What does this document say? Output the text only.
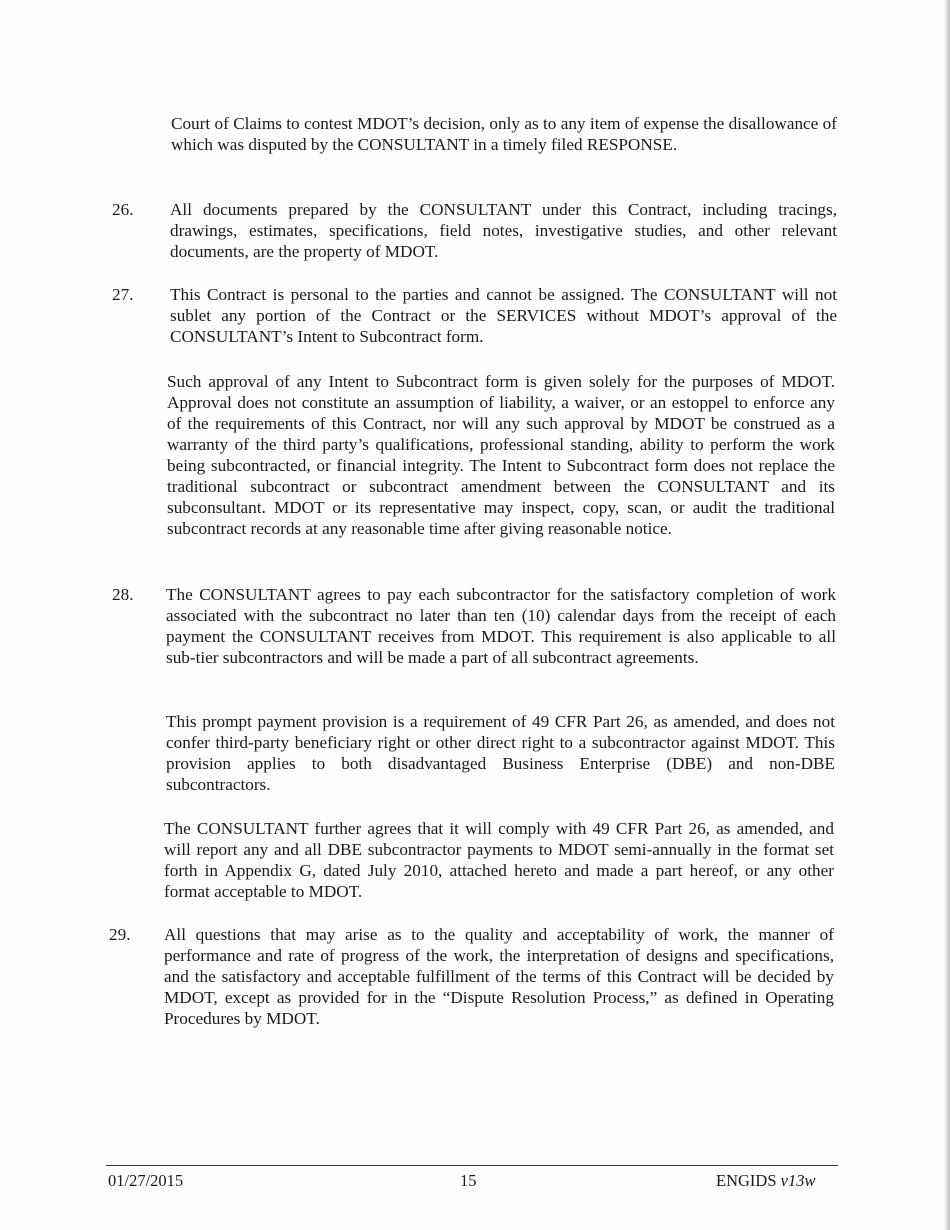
Court of Claims to contest MDOT’s decision, only as to any item of expense the disallowance of which was disputed by the CONSULTANT in a timely filed RESPONSE.

26. All documents prepared by the CONSULTANT under this Contract, including tracings, drawings, estimates, specifications, field notes, investigative studies, and other relevant documents, are the property of MDOT.

27. This Contract is personal to the parties and cannot be assigned. The CONSULTANT will not sublet any portion of the Contract or the SERVICES without MDOT’s approval of the CONSULTANT’s Intent to Subcontract form.

Such approval of any Intent to Subcontract form is given solely for the purposes of MDOT. Approval does not constitute an assumption of liability, a waiver, or an estoppel to enforce any of the requirements of this Contract, nor will any such approval by MDOT be construed as a warranty of the third party’s qualifications, professional standing, ability to perform the work being subcontracted, or financial integrity. The Intent to Subcontract form does not replace the traditional subcontract or subcontract amendment between the CONSULTANT and its subconsultant. MDOT or its representative may inspect, copy, scan, or audit the traditional subcontract records at any reasonable time after giving reasonable notice.

28. The CONSULTANT agrees to pay each subcontractor for the satisfactory completion of work associated with the subcontract no later than ten (10) calendar days from the receipt of each payment the CONSULTANT receives from MDOT. This requirement is also applicable to all sub-tier subcontractors and will be made a part of all subcontract agreements.

This prompt payment provision is a requirement of 49 CFR Part 26, as amended, and does not confer third-party beneficiary right or other direct right to a subcontractor against MDOT. This provision applies to both disadvantaged Business Enterprise (DBE) and non-DBE subcontractors.

The CONSULTANT further agrees that it will comply with 49 CFR Part 26, as amended, and will report any and all DBE subcontractor payments to MDOT semi-annually in the format set forth in Appendix G, dated July 2010, attached hereto and made a part hereof, or any other format acceptable to MDOT.

29. All questions that may arise as to the quality and acceptability of work, the manner of performance and rate of progress of the work, the interpretation of designs and specifications, and the satisfactory and acceptable fulfillment of the terms of this Contract will be decided by MDOT, except as provided for in the “Dispute Resolution Process,” as defined in Operating Procedures by MDOT.

01/27/2015	15	ENGIDS v13w
